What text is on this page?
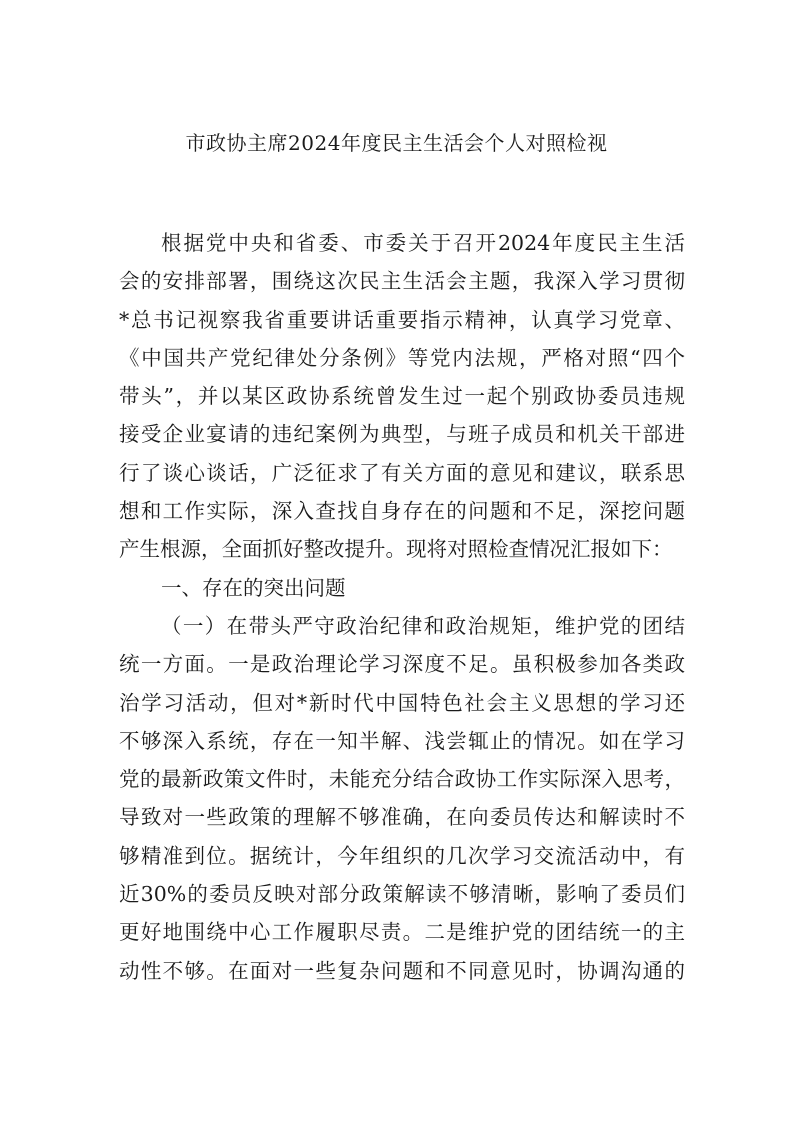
市政协主席2024年度民主生活会个人对照检视
根据党中央和省委、市委关于召开2024年度民主生活
会的安排部署，围绕这次民主生活会主题，我深入学习贯彻
*总书记视察我省重要讲话重要指示精神，认真学习党章、
《中国共产党纪律处分条例》等党内法规，严格对照“四个
带头”，并以某区政协系统曾发生过一起个别政协委员违规
接受企业宴请的违纪案例为典型，与班子成员和机关干部进
行了谈心谈话，广泛征求了有关方面的意见和建议，联系思
想和工作实际，深入查找自身存在的问题和不足，深挖问题
产生根源，全面抓好整改提升。现将对照检查情况汇报如下：
一、存在的突出问题
（一）在带头严守政治纪律和政治规矩，维护党的团结
统一方面。一是政治理论学习深度不足。虽积极参加各类政
治学习活动，但对*新时代中国特色社会主义思想的学习还
不够深入系统，存在一知半解、浅尝辄止的情况。如在学习
党的最新政策文件时，未能充分结合政协工作实际深入思考，
导致对一些政策的理解不够准确，在向委员传达和解读时不
够精准到位。据统计，今年组织的几次学习交流活动中，有
近30%的委员反映对部分政策解读不够清晰，影响了委员们
更好地围绕中心工作履职尽责。二是维护党的团结统一的主
动性不够。在面对一些复杂问题和不同意见时，协调沟通的
